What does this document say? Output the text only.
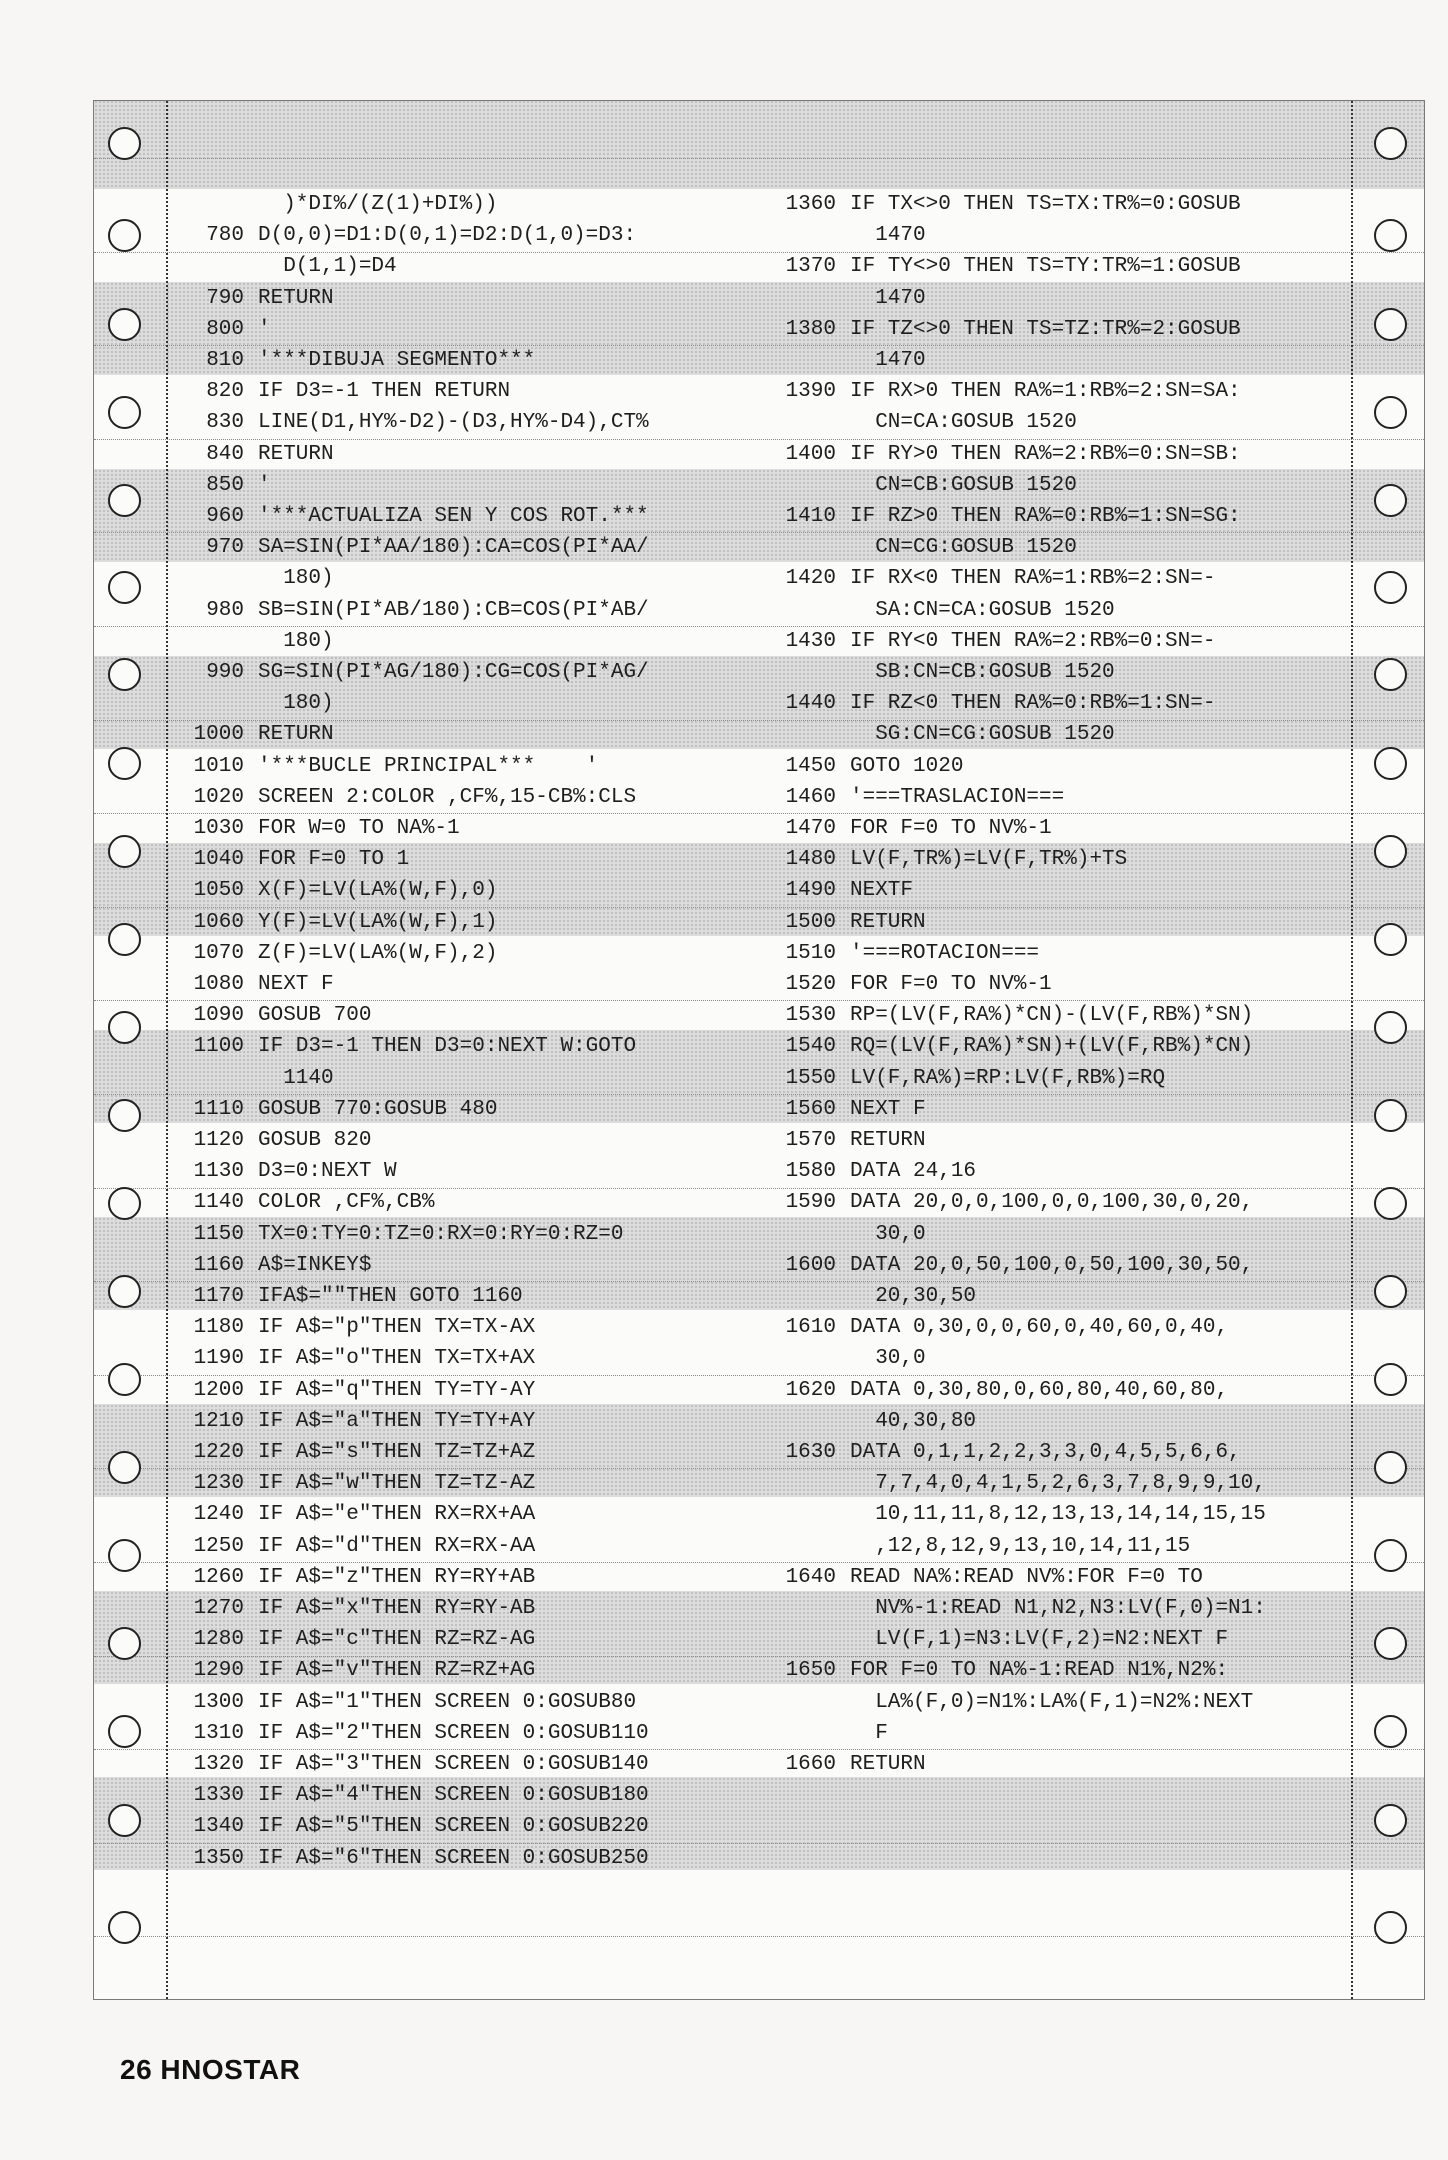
)*DI%/(Z(1)+DI%))
780 D(0,0)=D1:D(0,1)=D2:D(1,0)=D3:
D(1,1)=D4
790 RETURN
800 '
810 '***DIBUJA SEGMENTO***
820 IF D3=-1 THEN RETURN
830 LINE(D1,HY%-D2)-(D3,HY%-D4),CT%
840 RETURN
850 '
960 '***ACTUALIZA SEN Y COS ROT.***
970 SA=SIN(PI*AA/180):CA=COS(PI*AA/
180)
980 SB=SIN(PI*AB/180):CB=COS(PI*AB/
180)
990 SG=SIN(PI*AG/180):CG=COS(PI*AG/
180)
1000 RETURN
1010 '***BUCLE PRINCIPAL***    '
1020 SCREEN 2:COLOR ,CF%,15-CB%:CLS
1030 FOR W=0 TO NA%-1
1040 FOR F=0 TO 1
1050 X(F)=LV(LA%(W,F),0)
1060 Y(F)=LV(LA%(W,F),1)
1070 Z(F)=LV(LA%(W,F),2)
1080 NEXT F
1090 GOSUB 700
1100 IF D3=-1 THEN D3=0:NEXT W:GOTO
1140
1110 GOSUB 770:GOSUB 480
1120 GOSUB 820
1130 D3=0:NEXT W
1140 COLOR ,CF%,CB%
1150 TX=0:TY=0:TZ=0:RX=0:RY=0:RZ=0
1160 A$=INKEY$
1170 IFA$=""THEN GOTO 1160
1180 IF A$="p"THEN TX=TX-AX
1190 IF A$="o"THEN TX=TX+AX
1200 IF A$="q"THEN TY=TY-AY
1210 IF A$="a"THEN TY=TY+AY
1220 IF A$="s"THEN TZ=TZ+AZ
1230 IF A$="w"THEN TZ=TZ-AZ
1240 IF A$="e"THEN RX=RX+AA
1250 IF A$="d"THEN RX=RX-AA
1260 IF A$="z"THEN RY=RY+AB
1270 IF A$="x"THEN RY=RY-AB
1280 IF A$="c"THEN RZ=RZ-AG
1290 IF A$="v"THEN RZ=RZ+AG
1300 IF A$="1"THEN SCREEN 0:GOSUB80
1310 IF A$="2"THEN SCREEN 0:GOSUB110
1320 IF A$="3"THEN SCREEN 0:GOSUB140
1330 IF A$="4"THEN SCREEN 0:GOSUB180
1340 IF A$="5"THEN SCREEN 0:GOSUB220
1350 IF A$="6"THEN SCREEN 0:GOSUB250
1360 IF TX<>0 THEN TS=TX:TR%=0:GOSUB
1470
1370 IF TY<>0 THEN TS=TY:TR%=1:GOSUB
1470
1380 IF TZ<>0 THEN TS=TZ:TR%=2:GOSUB
1470
1390 IF RX>0 THEN RA%=1:RB%=2:SN=SA:
CN=CA:GOSUB 1520
1400 IF RY>0 THEN RA%=2:RB%=0:SN=SB:
CN=CB:GOSUB 1520
1410 IF RZ>0 THEN RA%=0:RB%=1:SN=SG:
CN=CG:GOSUB 1520
1420 IF RX<0 THEN RA%=1:RB%=2:SN=-
SA:CN=CA:GOSUB 1520
1430 IF RY<0 THEN RA%=2:RB%=0:SN=-
SB:CN=CB:GOSUB 1520
1440 IF RZ<0 THEN RA%=0:RB%=1:SN=-
SG:CN=CG:GOSUB 1520
1450 GOTO 1020
1460 '===TRASLACION===
1470 FOR F=0 TO NV%-1
1480 LV(F,TR%)=LV(F,TR%)+TS
1490 NEXTF
1500 RETURN
1510 '===ROTACION===
1520 FOR F=0 TO NV%-1
1530 RP=(LV(F,RA%)*CN)-(LV(F,RB%)*SN)
1540 RQ=(LV(F,RA%)*SN)+(LV(F,RB%)*CN)
1550 LV(F,RA%)=RP:LV(F,RB%)=RQ
1560 NEXT F
1570 RETURN
1580 DATA 24,16
1590 DATA 20,0,0,100,0,0,100,30,0,20,
30,0
1600 DATA 20,0,50,100,0,50,100,30,50,
20,30,50
1610 DATA 0,30,0,0,60,0,40,60,0,40,
30,0
1620 DATA 0,30,80,0,60,80,40,60,80,
40,30,80
1630 DATA 0,1,1,2,2,3,3,0,4,5,5,6,6,
7,7,4,0,4,1,5,2,6,3,7,8,9,9,10,
10,11,11,8,12,13,13,14,14,15,15
,12,8,12,9,13,10,14,11,15
1640 READ NA%:READ NV%:FOR F=0 TO
NV%-1:READ N1,N2,N3:LV(F,0)=N1:
LV(F,1)=N3:LV(F,2)=N2:NEXT F
1650 FOR F=0 TO NA%-1:READ N1%,N2%:
LA%(F,0)=N1%:LA%(F,1)=N2%:NEXT
F
1660 RETURN
26 HNOSTAR
